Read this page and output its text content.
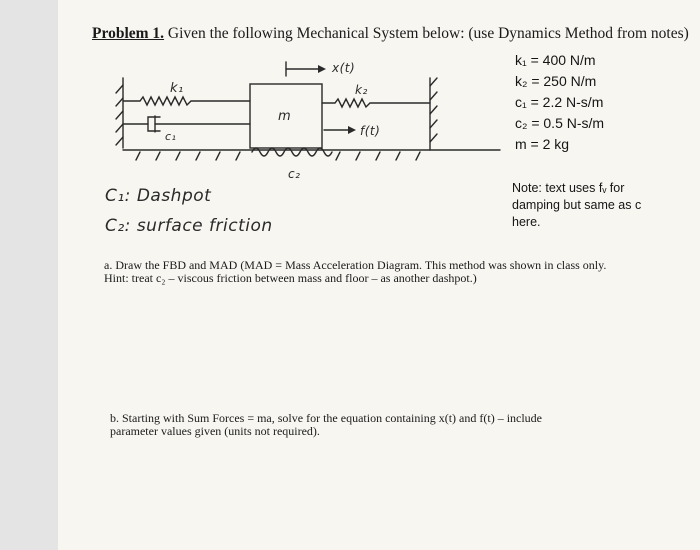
Problem 1. Given the following Mechanical System below: (use Dynamics Method from notes)
k₁ = 400 N/m
k₂ = 250 N/m
c₁ = 2.2 N-s/m
c₂ = 0.5 N-s/m
m = 2 kg
k₁
c₁
m
k₂
x(t)
f(t)
c₂
C₁: Dashpot
C₂: surface friction
Note: text uses fᵥ for damping but same as c here.
a. Draw the FBD and MAD (MAD = Mass Acceleration Diagram. This method was shown in class only.
Hint: treat c₂ – viscous friction between mass and floor – as another dashpot.)
b. Starting with Sum Forces = ma, solve for the equation containing x(t) and f(t) – include
parameter values given (units not required).
